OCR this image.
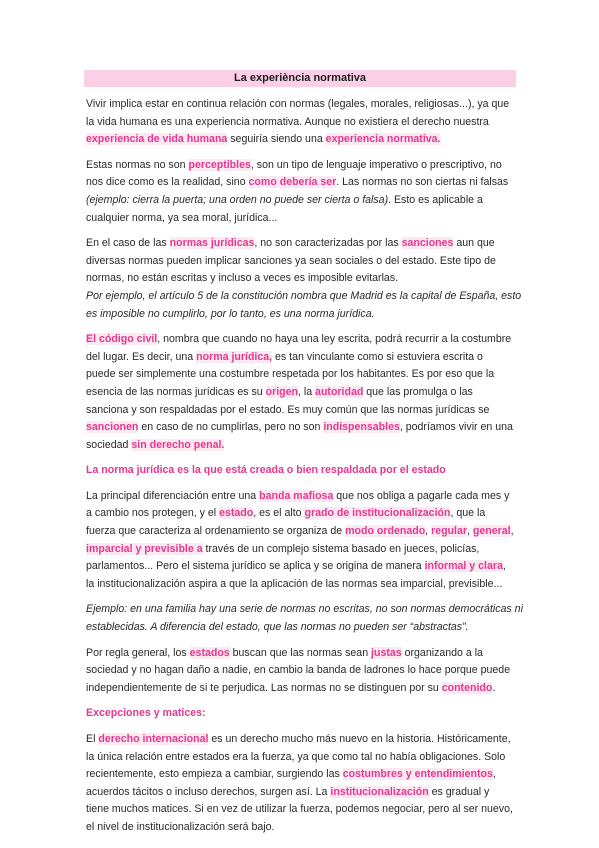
La experiència normativa
Vivir implica estar en continua relación con normas (legales, morales, religiosas...), ya que
la vida humana es una experiencia normativa. Aunque no existiera el derecho nuestra
experiencia de vida humana seguiría siendo una experiencia normativa.
Estas normas no son perceptibles, son un tipo de lenguaje imperativo o prescriptivo, no
nos dice como es la realidad, sino como debería ser. Las normas no son ciertas ni falsas
(ejemplo: cierra la puerta; una orden no puede ser cierta o falsa). Esto es aplicable a
cualquier norma, ya sea moral, jurídica...
En el caso de las normas jurídicas, no son caracterizadas por las sanciones aun que
diversas normas pueden implicar sanciones ya sean sociales o del estado. Este tipo de
normas, no están escritas y incluso a veces es imposible evitarlas.
Por ejemplo, el artículo 5 de la constitución nombra que Madrid es la capital de España, esto
es imposible no cumplirlo, por lo tanto, es una norma jurídica.
El código civil, nombra que cuando no haya una ley escrita, podrá recurrir a la costumbre
del lugar. Es decir, una norma jurídica, es tan vinculante como si estuviera escrita o
puede ser simplemente una costumbre respetada por los habitantes. Es por eso que la
esencia de las normas jurídicas es su origen, la autoridad que las promulga o las
sanciona y son respaldadas por el estado. Es muy común que las normas jurídicas se
sancionen en caso de no cumplirlas, pero no son indispensables, podríamos vivir en una
sociedad sin derecho penal.
La norma jurídica es la que está creada o bien respaldada por el estado
La principal diferenciación entre una banda mafiosa que nos obliga a pagarle cada mes y
a cambio nos protegen, y el estado, es el alto grado de institucionalización, que la
fuerza que caracteriza al ordenamiento se organiza de modo ordenado, regular, general,
imparcial y previsible a través de un complejo sistema basado en jueces, policías,
parlamentos... Pero el sistema jurídico se aplica y se origina de manera informal y clara,
la institucionalización aspira a que la aplicación de las normas sea imparcial, previsible...
Ejemplo: en una familia hay una serie de normas no escritas, no son normas democráticas ni
establecidas. A diferencia del estado, que las normas no pueden ser “abstractas”.
Por regla general, los estados buscan que las normas sean justas organizando a la
sociedad y no hagan daño a nadie, en cambio la banda de ladrones lo hace porque puede
independientemente de si te perjudica. Las normas no se distinguen por su contenido.
Excepciones y matices:
El derecho internacional es un derecho mucho más nuevo en la historia. Históricamente,
la única relación entre estados era la fuerza, ya que como tal no había obligaciones. Solo
recientemente, esto empieza a cambiar, surgiendo las costumbres y entendimientos,
acuerdos tácitos o incluso derechos, surgen así. La institucionalización es gradual y
tiene muchos matices. Si en vez de utilizar la fuerza, podemos negociar, pero al ser nuevo,
el nivel de institucionalización será bajo.
